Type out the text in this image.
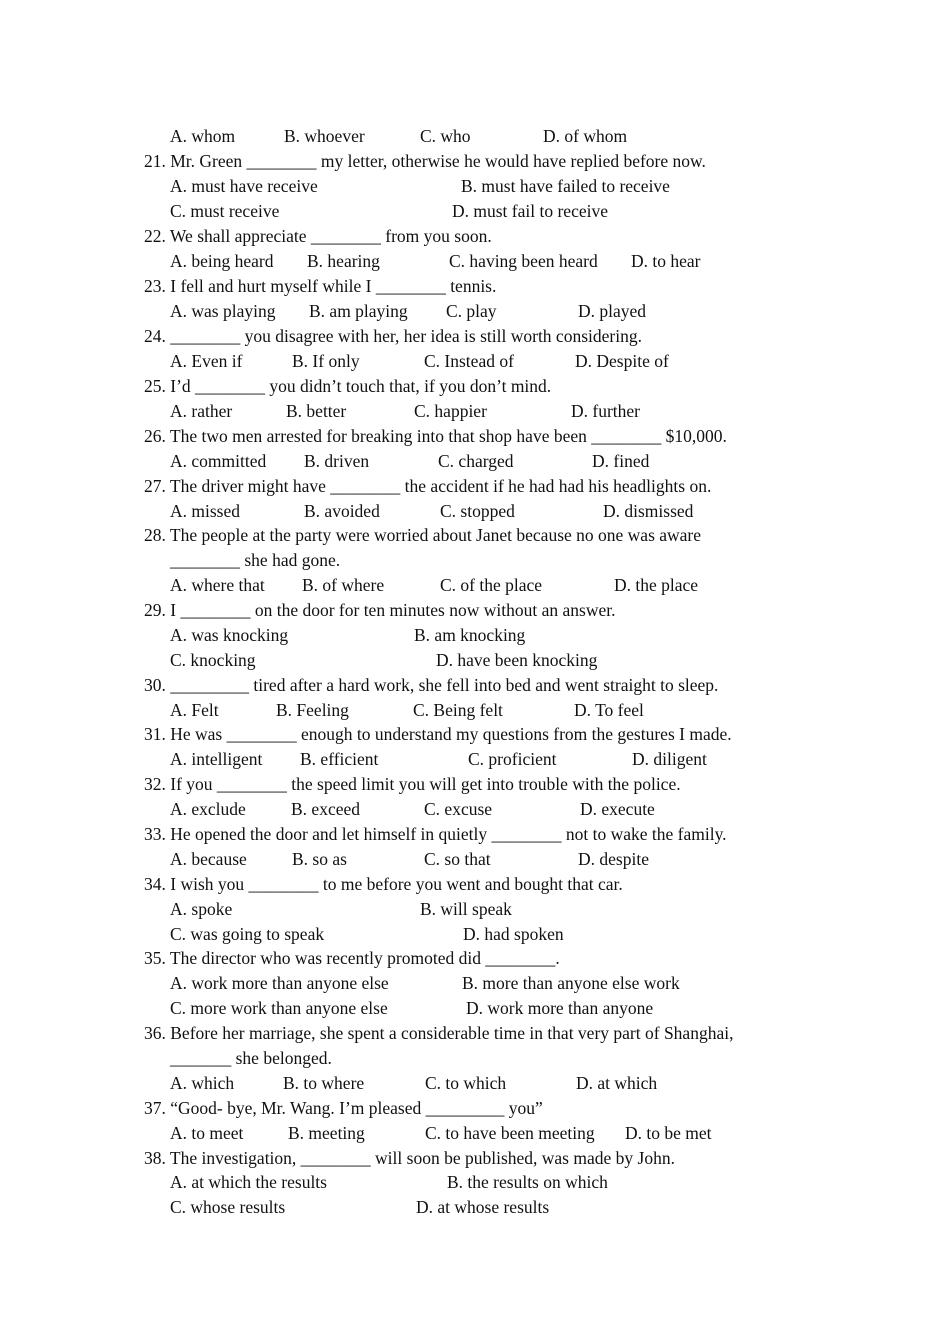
A. whom	B. whoever	C. who	D. of whom
21. Mr. Green ________ my letter, otherwise he would have replied before now.
A. must have receive	B. must have failed to receive
C. must receive	D. must fail to receive
22. We shall appreciate ________ from you soon.
A. being heard B. hearing	C. having been heard D. to hear
23. I fell and hurt myself while I ________ tennis.
A. was playing B. am playing C. play	D. played
24. ________ you disagree with her, her idea is still worth considering.
A. Even if	B. If only	C. Instead of	D. Despite of
25. I’d ________ you didn’t touch that, if you don’t mind.
A. rather	B. better	C. happier	D. further
26. The two men arrested for breaking into that shop have been ________ $10,000.
A. committed B. driven	C. charged	D. fined
27. The driver might have ________ the accident if he had had his headlights on.
A. missed	B. avoided	C. stopped	D. dismissed
28. The people at the party were worried about Janet because no one was aware
________ she had gone.
A. where that B. of where	C. of the place	D. the place
29. I ________ on the door for ten minutes now without an answer.
A. was knocking	B. am knocking
C. knocking	D. have been knocking
30. _________ tired after a hard work, she fell into bed and went straight to sleep.
A. Felt	B. Feeling	C. Being felt	D. To feel
31. He was ________ enough to understand my questions from the gestures I made.
A. intelligent B. efficient	C. proficient	D. diligent
32. If you ________ the speed limit you will get into trouble with the police.
A. exclude	B. exceed	C. excuse	D. execute
33. He opened the door and let himself in quietly ________ not to wake the family.
A. because	B. so as	C. so that	D. despite
34. I wish you ________ to me before you went and bought that car.
A. spoke	B. will speak
C. was going to speak	D. had spoken
35. The director who was recently promoted did ________.
A. work more than anyone else	B. more than anyone else work
C. more work than anyone else	D. work more than anyone
36. Before her marriage, she spent a considerable time in that very part of Shanghai,
_______ she belonged.
A. which	B. to where	C. to which	D. at which
37. “Good- bye, Mr. Wang. I’m pleased _________ you”
A. to meet	B. meeting	C. to have been meeting D. to be met
38. The investigation, ________ will soon be published, was made by John.
A. at which the results	B. the results on which
C. whose results	D. at whose results
